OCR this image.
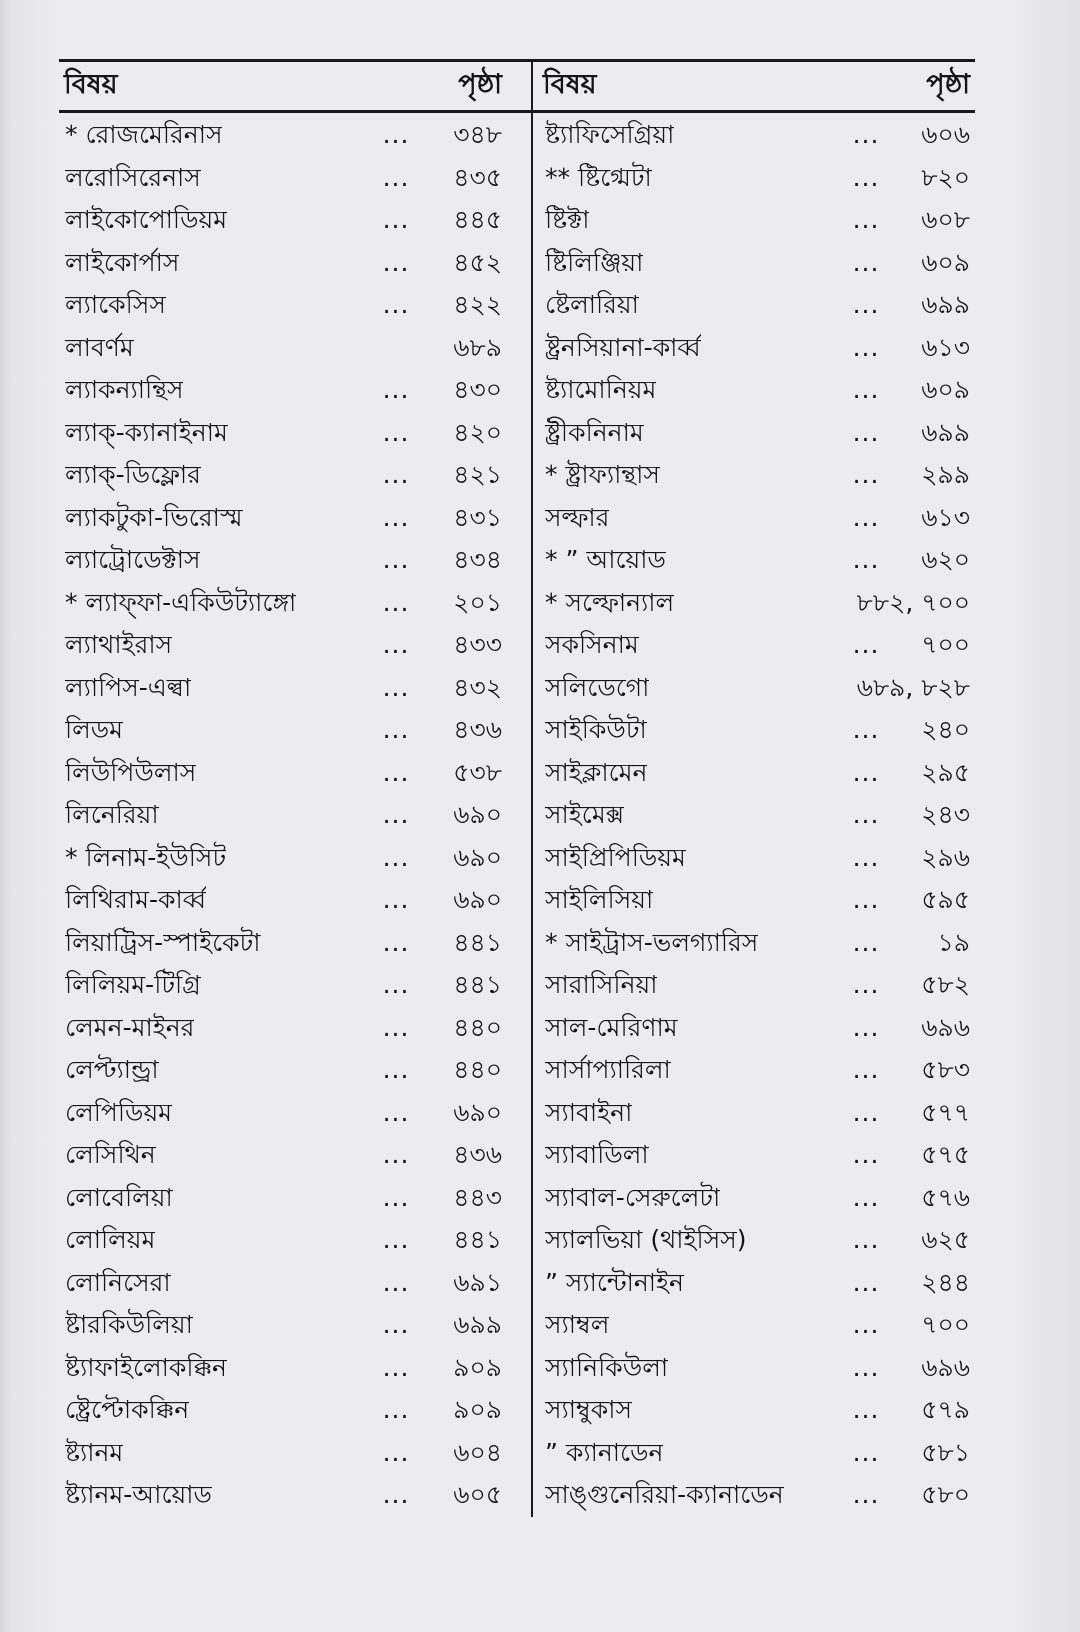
বিষয়	পৃষ্ঠা
* রোজমেরিনাস	... ৩৪৮
লরোসিরেনাস	... ৪৩৫
লাইকোপোডিয়ম	... ৪৪৫
লাইকোর্পাস	... ৪৫২
ল্যাকেসিস	... ৪২২
লাবর্ণম	৬৮৯
ল্যাকন্যান্থিস	... ৪৩০
ল্যাক্-ক্যানাইনাম	... ৪২০
ল্যাক্-ডিফ্লোর	... ৪২১
ল্যাকটুকা-ভিরোস্ম	... ৪৩১
ল্যাট্রোডেক্টাস	... ৪৩৪
* ল্যাফ্ফা-একিউট্যাঙ্গো	... ২০১
ল্যাথাইরাস	... ৪৩৩
ল্যাপিস-এল্বা	... ৪৩২
লিডম	... ৪৩৬
লিউপিউলাস	... ৫৩৮
লিনেরিয়া	... ৬৯০
* লিনাম-ইউসিট	... ৬৯০
লিথিরাম-কার্ব্ব	... ৬৯০
লিয়াট্রিস-স্পাইকেটা	... ৪৪১
লিলিয়ম-টিগ্রি	... ৪৪১
লেমন-মাইনর	... ৪৪০
লেপ্ট্যান্ড্রা	... ৪৪০
লেপিডিয়ম	... ৬৯০
লেসিথিন	... ৪৩৬
লোবেলিয়া	... ৪৪৩
লোলিয়ম	... ৪৪১
লোনিসেরা	... ৬৯১
ষ্টারকিউলিয়া	... ৬৯৯
ষ্ট্যাফাইলোকক্কিন	... ৯০৯
ষ্ট্রেপ্টোকক্কিন	... ৯০৯
ষ্ট্যানম	... ৬০৪
ষ্ট্যানম-আয়োড	... ৬০৫
বিষয়	পৃষ্ঠা
ষ্ট্যাফিসেগ্রিয়া	... ৬০৬
** ষ্টিগ্মেটা	... ৮২০
ষ্টিক্টা	... ৬০৮
ষ্টিলিঞ্জিয়া	... ৬০৯
ষ্টেলারিয়া	... ৬৯৯
ষ্ট্রনসিয়ানা-কার্ব্ব	... ৬১৩
ষ্ট্যামোনিয়ম	... ৬০৯
ষ্ট্রীকনিনাম	... ৬৯৯
* ষ্ট্রাফ্যান্থাস	... ২৯৯
সল্ফার	... ৬১৩
* ” আয়োড	... ৬২০
* সল্ফোন্যাল	৮৮২, ৭০০
সকসিনাম	... ৭০০
সলিডেগো	৬৮৯, ৮২৮
সাইকিউটা	... ২৪০
সাইক্লামেন	... ২৯৫
সাইমেক্স	... ২৪৩
সাইপ্রিপিডিয়ম	... ২৯৬
সাইলিসিয়া	... ৫৯৫
* সাইট্রাস-ভলগ্যারিস	... ১৯
সারাসিনিয়া	... ৫৮২
সাল-মেরিণাম	... ৬৯৬
সার্সাপ্যারিলা	... ৫৮৩
স্যাবাইনা	... ৫৭৭
স্যাবাডিলা	... ৫৭৫
স্যাবাল-সেরুলেটা	... ৫৭৬
স্যালভিয়া (থাইসিস)	... ৬২৫
” স্যান্টোনাইন	... ২৪৪
স্যাম্বল	... ৭০০
স্যানিকিউলা	... ৬৯৬
স্যাম্বুকাস	... ৫৭৯
” ক্যানাডেন	... ৫৮১
সাঙ্গুনেরিয়া-ক্যানাডেন	... ৫৮০
